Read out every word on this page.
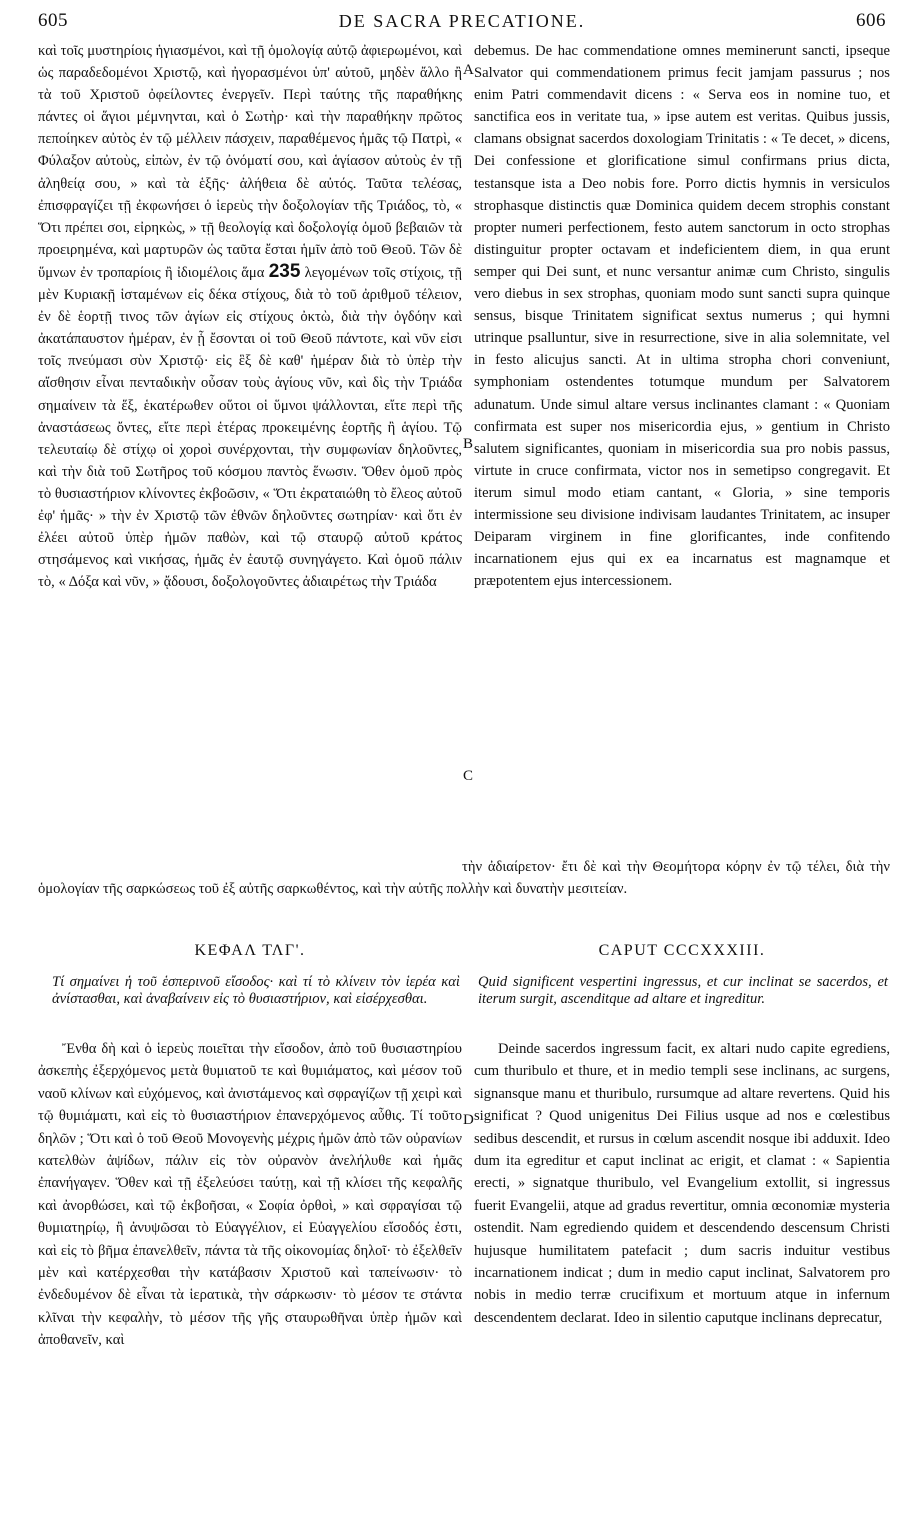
605	DE SACRA PRECATIONE.	606

καὶ τοῖς μυστηρίοις ἡγιασμένοι, καὶ τῇ ὁμολογίᾳ αὐτῷ ἀφιερωμένοι, καὶ ὡς παραδεδομένοι Χριστῷ, καὶ ἠγορασμένοι ὑπ' αὐτοῦ, μηδὲν ἄλλο ἢ τὰ τοῦ Χριστοῦ ὀφείλοντες ἐνεργεῖν. Περὶ ταύτης τῆς παραθήκης πάντες οἱ ἅγιοι μέμνηνται, καὶ ὁ Σωτὴρ· καὶ τὴν παραθήκην πρῶτος πεποίηκεν αὐτὸς ἐν τῷ μέλλειν πάσχειν, παραθέμενος ἡμᾶς τῷ Πατρὶ, « Φύλαξον αὐτοὺς, εἰπὼν, ἐν τῷ ὀνόματί σου, καὶ ἁγίασον αὐτοὺς ἐν τῇ ἀληθείᾳ σου, » καὶ τὰ ἑξῆς· ἀλήθεια δὲ αὐτός. Ταῦτα τελέσας, ἐπισφραγίζει τῇ ἐκφωνήσει ὁ ἱερεὺς τὴν δοξολογίαν τῆς Τριάδος, τὸ, « Ὅτι πρέπει σοι, εἰρηκὼς, » τῇ θεολογίᾳ καὶ δοξολογίᾳ ὁμοῦ βεβαιῶν τὰ προειρημένα, καὶ μαρτυρῶν ὡς ταῦτα ἔσται ἡμῖν ἀπὸ τοῦ Θεοῦ. Τῶν δὲ ὕμνων ἐν τροπαρίοις ἢ ἰδιομέλοις ἅμα 235 λεγομένων τοῖς στίχοις, τῇ μὲν Κυριακῇ ἱσταμένων εἰς δέκα στίχους, διὰ τὸ τοῦ ἀριθμοῦ τέλειον, ἐν δὲ ἑορτῇ τινος τῶν ἁγίων εἰς στίχους ὀκτὼ, διὰ τὴν ὀγδόην καὶ ἀκατάπαυστον ἡμέραν, ἐν ᾗ ἔσονται οἱ τοῦ Θεοῦ πάντοτε, καὶ νῦν εἰσι τοῖς πνεύμασι σὺν Χριστῷ· εἰς ἓξ δὲ καθ' ἡμέραν διὰ τὸ ὑπὲρ τὴν αἴσθησιν εἶναι πενταδικὴν οὖσαν τοὺς ἁγίους νῦν, καὶ δὶς τὴν Τριάδα σημαίνειν τὰ ἕξ, ἑκατέρωθεν οὕτοι οἱ ὕμνοι ψάλλονται, εἴτε περὶ τῆς ἀναστάσεως ὄντες, εἴτε περὶ ἑτέρας προκειμένης ἑορτῆς ἢ ἁγίου. Τῷ τελευταίῳ δὲ στίχῳ οἱ χοροὶ συνέρχονται, τὴν συμφωνίαν δηλοῦντες, καὶ τὴν διὰ τοῦ Σωτῆρος τοῦ κόσμου παντὸς ἕνωσιν. Ὅθεν ὁμοῦ πρὸς τὸ θυσιαστήριον κλίνοντες ἐκβοῶσιν, « Ὅτι ἐκραταιώθη τὸ ἔλεος αὐτοῦ ἐφ' ἡμᾶς· » τὴν ἐν Χριστῷ τῶν ἐθνῶν δηλοῦντες σωτηρίαν· καὶ ὅτι ἐν ἐλέει αὐτοῦ ὑπὲρ ἡμῶν παθὼν, καὶ τῷ σταυρῷ αὐτοῦ κράτος στησάμενος καὶ νικήσας, ἡμᾶς ἐν ἑαυτῷ συνηγάγετο. Καὶ ὁμοῦ πάλιν τὸ, « Δόξα καὶ νῦν, » ᾄδουσι, δοξολογοῦντες ἀδιαιρέτως τὴν Τριάδα

A
B
C
D

debemus. De hac commendatione omnes meminerunt sancti, ipseque Salvator qui commendationem primus fecit jamjam passurus ; nos enim Patri commendavit dicens : « Serva eos in nomine tuo, et sanctifica eos in veritate tua, » ipse autem est veritas. Quibus jussis, clamans obsignat sacerdos doxologiam Trinitatis : « Te decet, » dicens, Dei confessione et glorificatione simul confirmans prius dicta, testansque ista a Deo nobis fore. Porro dictis hymnis in versiculos strophasque distinctis quæ Dominica quidem decem strophis constant propter numeri perfectionem, festo autem sanctorum in octo strophas distinguitur propter octavam et indeficientem diem, in qua erunt semper qui Dei sunt, et nunc versantur animæ cum Christo, singulis vero diebus in sex strophas, quoniam modo sunt sancti supra quinque sensus, bisque Trinitatem significat sextus numerus ; qui hymni utrinque psalluntur, sive in resurrectione, sive in alia solemnitate, vel in festo alicujus sancti. At in ultima stropha chori conveniunt, symphoniam ostendentes totumque mundum per Salvatorem adunatum. Unde simul altare versus inclinantes clamant : « Quoniam confirmata est super nos misericordia ejus, » gentium in Christo salutem significantes, quoniam in misericordia sua pro nobis passus, virtute in cruce confirmata, victor nos in semetipso congregavit. Et iterum simul modo etiam cantant, « Gloria, » sine temporis intermissione seu divisione indivisam laudantes Trinitatem, ac insuper Deiparam virginem in fine glorificantes, inde confitendo incarnationem ejus qui ex ea incarnatus est magnamque et præpotentem ejus intercessionem.

τὴν ἀδιαίρετον· ἔτι δὲ καὶ τὴν Θεομήτορα κόρην ἐν τῷ τέλει, διὰ τὴν ὁμολογίαν τῆς σαρκώσεως τοῦ ἐξ αὐτῆς σαρκωθέντος, καὶ τὴν αὐτῆς πολλὴν καὶ δυνατὴν μεσιτείαν.
ΚΕΦΑΛ ΤΛΓ'.	CAPUT CCCXXXIII.
Τί σημαίνει ἡ τοῦ ἑσπερινοῦ εἴσοδος· καὶ τί τὸ κλίνειν τὸν ἱερέα καὶ ἀνίστασθαι, καὶ ἀναβαίνειν εἰς τὸ θυσιαστήριον, καὶ εἰσέρχεσθαι.
Quid significent vespertini ingressus, et cur inclinat se sacerdos, et iterum surgit, ascenditque ad altare et ingreditur.

Ἔνθα δὴ καὶ ὁ ἱερεὺς ποιεῖται τὴν εἴσοδον, ἀπὸ τοῦ θυσιαστηρίου ἀσκεπὴς ἐξερχόμενος μετὰ θυμιατοῦ τε καὶ θυμιάματος, καὶ μέσον τοῦ ναοῦ κλίνων καὶ εὐχόμενος, καὶ ἀνιστάμενος καὶ σφραγίζων τῇ χειρὶ καὶ τῷ θυμιάματι, καὶ εἰς τὸ θυσιαστήριον ἐπανερχόμενος αὖθις. Τί τοῦτο δηλῶν ; Ὅτι καὶ ὁ τοῦ Θεοῦ Μονογενὴς μέχρις ἡμῶν ἀπὸ τῶν οὐρανίων κατελθὼν ἀψίδων, πάλιν εἰς τὸν οὐρανὸν ἀνελήλυθε καὶ ἡμᾶς ἐπανήγαγεν. Ὅθεν καὶ τῇ ἐξελεύσει ταύτῃ, καὶ τῇ κλίσει τῆς κεφαλῆς καὶ ἀνορθώσει, καὶ τῷ ἐκβοῆσαι, « Σοφία ὀρθοὶ, » καὶ σφραγίσαι τῷ θυμιατηρίῳ, ἢ ἀνυψῶσαι τὸ Εὐαγγέλιον, εἰ Εὐαγγελίου εἴσοδός ἐστι, καὶ εἰς τὸ βῆμα ἐπανελθεῖν, πάντα τὰ τῆς οἰκονομίας δηλοῖ· τὸ ἐξελθεῖν μὲν καὶ κατέρχεσθαι τὴν κατάβασιν Χριστοῦ καὶ ταπείνωσιν· τὸ ἐνδεδυμένον δὲ εἶναι τὰ ἱερατικὰ, τὴν σάρκωσιν· τὸ μέσον τε στάντα κλῖναι τὴν κεφαλὴν, τὸ μέσον τῆς γῆς σταυρωθῆναι ὑπὲρ ἡμῶν καὶ ἀποθανεῖν, καὶ

Deinde sacerdos ingressum facit, ex altari nudo capite egrediens, cum thuribulo et thure, et in medio templi sese inclinans, ac surgens, signansque manu et thuribulo, rursumque ad altare revertens. Quid his significat ? Quod unigenitus Dei Filius usque ad nos e cœlestibus sedibus descendit, et rursus in cœlum ascendit nosque ibi adduxit. Ideo dum ita egreditur et caput inclinat ac erigit, et clamat : « Sapientia erecti, » signatque thuribulo, vel Evangelium extollit, si ingressus fuerit Evangelii, atque ad gradus revertitur, omnia œconomiæ mysteria ostendit. Nam egrediendo quidem et descendendo descensum Christi hujusque humilitatem patefacit ; dum sacris induitur vestibus incarnationem indicat ; dum in medio caput inclinat, Salvatorem pro nobis in medio terræ crucifixum et mortuum atque in infernum descendentem declarat. Ideo in silentio caputque inclinans deprecatur,
